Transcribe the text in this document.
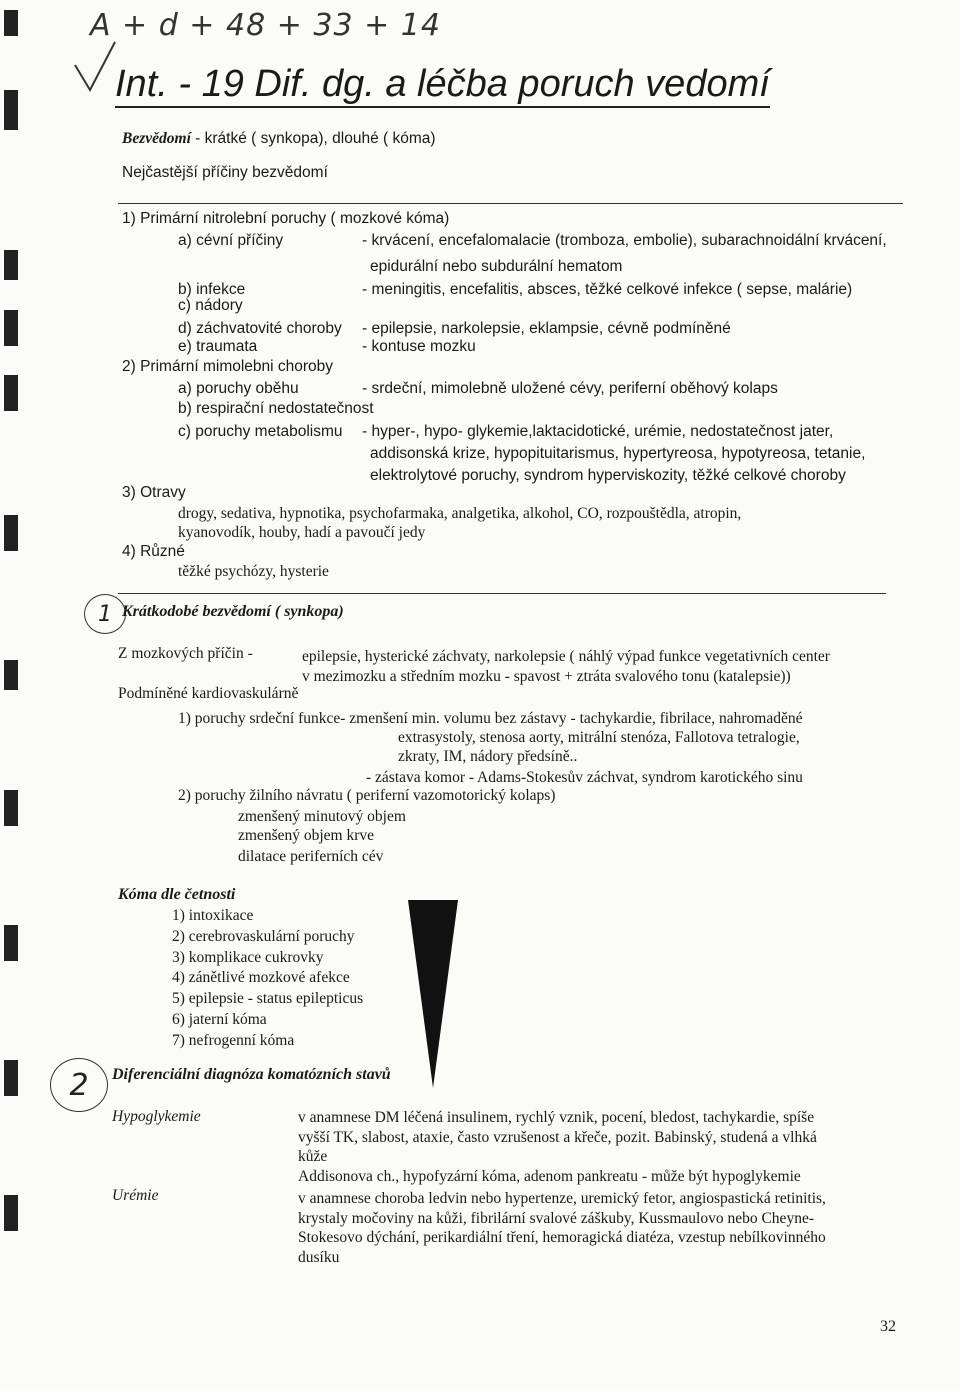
A + d + 48 + 33 + 14
Int. - 19 Dif. dg. a léčba poruch vedomí
Bezvědomí - krátké ( synkopa), dlouhé ( kóma)
Nejčastější příčiny bezvědomí
1) Primární nitrolební poruchy ( mozkové kóma)
a) cévní příčiny	- krvácení, encefalomalacie (tromboza, embolie), subarachnoidální krvácení,
epidurální nebo subdurální hematom
b) infekce	- meningitis, encefalitis, absces, těžké celkové infekce ( sepse, malárie)
c) nádory
d) záchvatovité choroby - epilepsie, narkolepsie, eklampsie, cévně podmíněné
e) traumata	- kontuse mozku
2) Primární mimolebni choroby
a) poruchy oběhu	- srdeční, mimolebně uložené cévy, periferní oběhový kolaps
b) respirační nedostatečnost
c) poruchy metabolismu - hyper-, hypo- glykemie,laktacidotické, urémie, nedostatečnost jater,
addisonská krize, hypopituitarismus, hypertyreosa, hypotyreosa, tetanie,
elektrolytové poruchy, syndrom hyperviskozity, těžké celkové choroby
3) Otravy
drogy, sedativa, hypnotika, psychofarmaka, analgetika, alkohol, CO, rozpouštědla, atropin,
kyanovodík, houby, hadí a pavoučí jedy
4) Různé
těžké psychózy, hysterie
1 Krátkodobé bezvědomí ( synkopa)
Z mozkových příčin -	epilepsie, hysterické záchvaty, narkolepsie ( náhlý výpad funkce vegetativních center
v mezimozku a středním mozku - spavost + ztráta svalového tonu (katalepsie))
Podmíněné kardiovaskulárně
1) poruchy srdeční funkce- zmenšení min. volumu bez zástavy - tachykardie, fibrilace, nahromaděné
extrasystoly, stenosa aorty, mitrální stenóza, Fallotova tetralogie,
zkraty, IM, nádory předsíně..
- zástava komor - Adams-Stokesův záchvat, syndrom karotického sinu
2) poruchy žilního návratu ( periferní vazomotorický kolaps)
zmenšený minutový objem
zmenšený objem krve
dilatace periferních cév
Kóma dle četnosti
1) intoxikace
2) cerebrovaskulární poruchy
3) komplikace cukrovky
4) zánětlivé mozkové afekce
5) epilepsie - status epilepticus
6) jaterní kóma
7) nefrogenní kóma
2	Diferenciální diagnóza komatózních stavů
Hypoglykemie	v anamnese DM léčená insulinem, rychlý vznik, pocení, bledost, tachykardie, spíše
vyšší TK, slabost, ataxie, často vzrušenost a křeče, pozit. Babinský, studená a vlhká
kůže
Addisonova ch., hypofyzární kóma, adenom pankreatu - může být hypoglykemie
Urémie	v anamnese choroba ledvin nebo hypertenze, uremický fetor, angiospastická retinitis,
krystaly močoviny na kůži, fibrilární svalové záškuby, Kussmaulovo nebo Cheyne-
Stokesovo dýchání, perikardiální tření, hemoragická diatéza, vzestup nebílkovinného
dusíku
32
